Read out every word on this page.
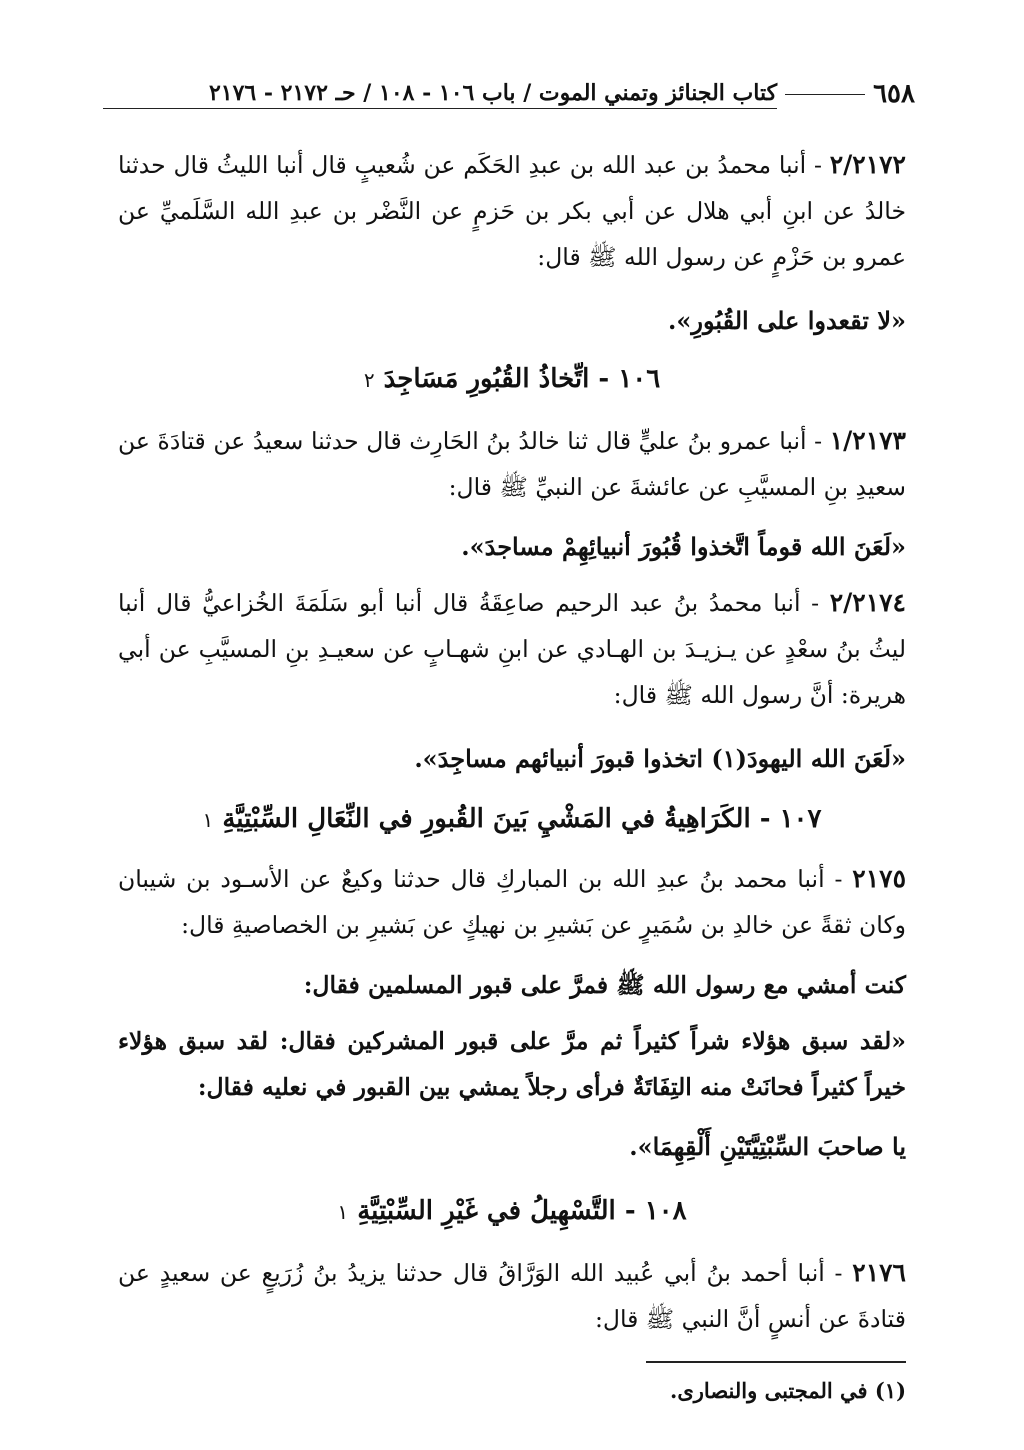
٦٥٨
كتاب الجنائز وتمني الموت / باب ١٠٦ - ١٠٨ / حـ ٢١٧٢ - ٢١٧٦
٢/٢١٧٢ - أنبا محمدُ بن عبد الله بن عبدِ الحَكَم عن شُعيبٍ قال أنبا الليثُ قال حدثنا خالدُ عن ابنِ أبي هلال عن أبي بكر بن حَزمٍ عن النَّضْر بن عبدِ الله السَّلَميِّ عن عمرو بن حَزْمٍ عن رسول الله ﷺ قال:
«لا تقعدوا على القُبُورِ».
١٠٦ - اتِّخاذُ القُبُورِ مَسَاجِدَ ٢
١/٢١٧٣ - أنبا عمرو بنُ عليٍّ قال ثنا خالدُ بنُ الحَارِث قال حدثنا سعيدُ عن قتادَةَ عن سعيدِ بنِ المسيَّبِ عن عائشةَ عن النبيِّ ﷺ قال:
«لَعَنَ الله قوماً اتَّخذوا قُبُورَ أنبيائِهِمْ مساجدَ».
٢/٢١٧٤ - أنبا محمدُ بنُ عبد الرحيم صاعِقَةُ قال أنبا أبو سَلَمَةَ الخُزاعيُّ قال أنبا ليثُ بنُ سعْدٍ عن يـزيـدَ بن الهـادي عن ابنِ شهـابٍ عن سعيـدِ بنِ المسيَّبِ عن أبي هريرة: أنَّ رسول الله ﷺ قال:
«لَعَنَ الله اليهودَ(١) اتخذوا قبورَ أنبيائهم مساجِدَ».
١٠٧ - الكَرَاهِيةُ في المَشْيِ بَينَ القُبورِ في النِّعَالِ السِّبْتِيَّةِ ١
٢١٧٥ - أنبا محمد بنُ عبدِ الله بن المباركِ قال حدثنا وكيعٌ عن الأسـود بن شيبان وكان ثقةً عن خالدِ بن سُمَيرٍ عن بَشيرِ بن نهيكٍ عن بَشيرِ بن الخصاصيةِ قال:
كنت أمشي مع رسول الله ﷺ فمرَّ على قبور المسلمين فقال:
«لقد سبق هؤلاء شراً كثيراً ثم مرَّ على قبور المشركين فقال: لقد سبق هؤلاء خيراً كثيراً فحانَتْ منه التِفَاتَةٌ فرأى رجلاً يمشي بين القبور في نعليه فقال:
يا صاحبَ السِّبْتِيَّتَيْنِ أَلْقِهِمَا».
١٠٨ - التَّسْهِيلُ في غَيْرِ السِّبْتِيَّةِ ١
٢١٧٦ - أنبا أحمد بنُ أبي عُبيد الله الوَرَّاقُ قال حدثنا يزيدُ بنُ زُرَيعٍ عن سعيدٍ عن قتادةَ عن أنسٍ أنَّ النبي ﷺ قال:
(١) في المجتبى والنصارى.
